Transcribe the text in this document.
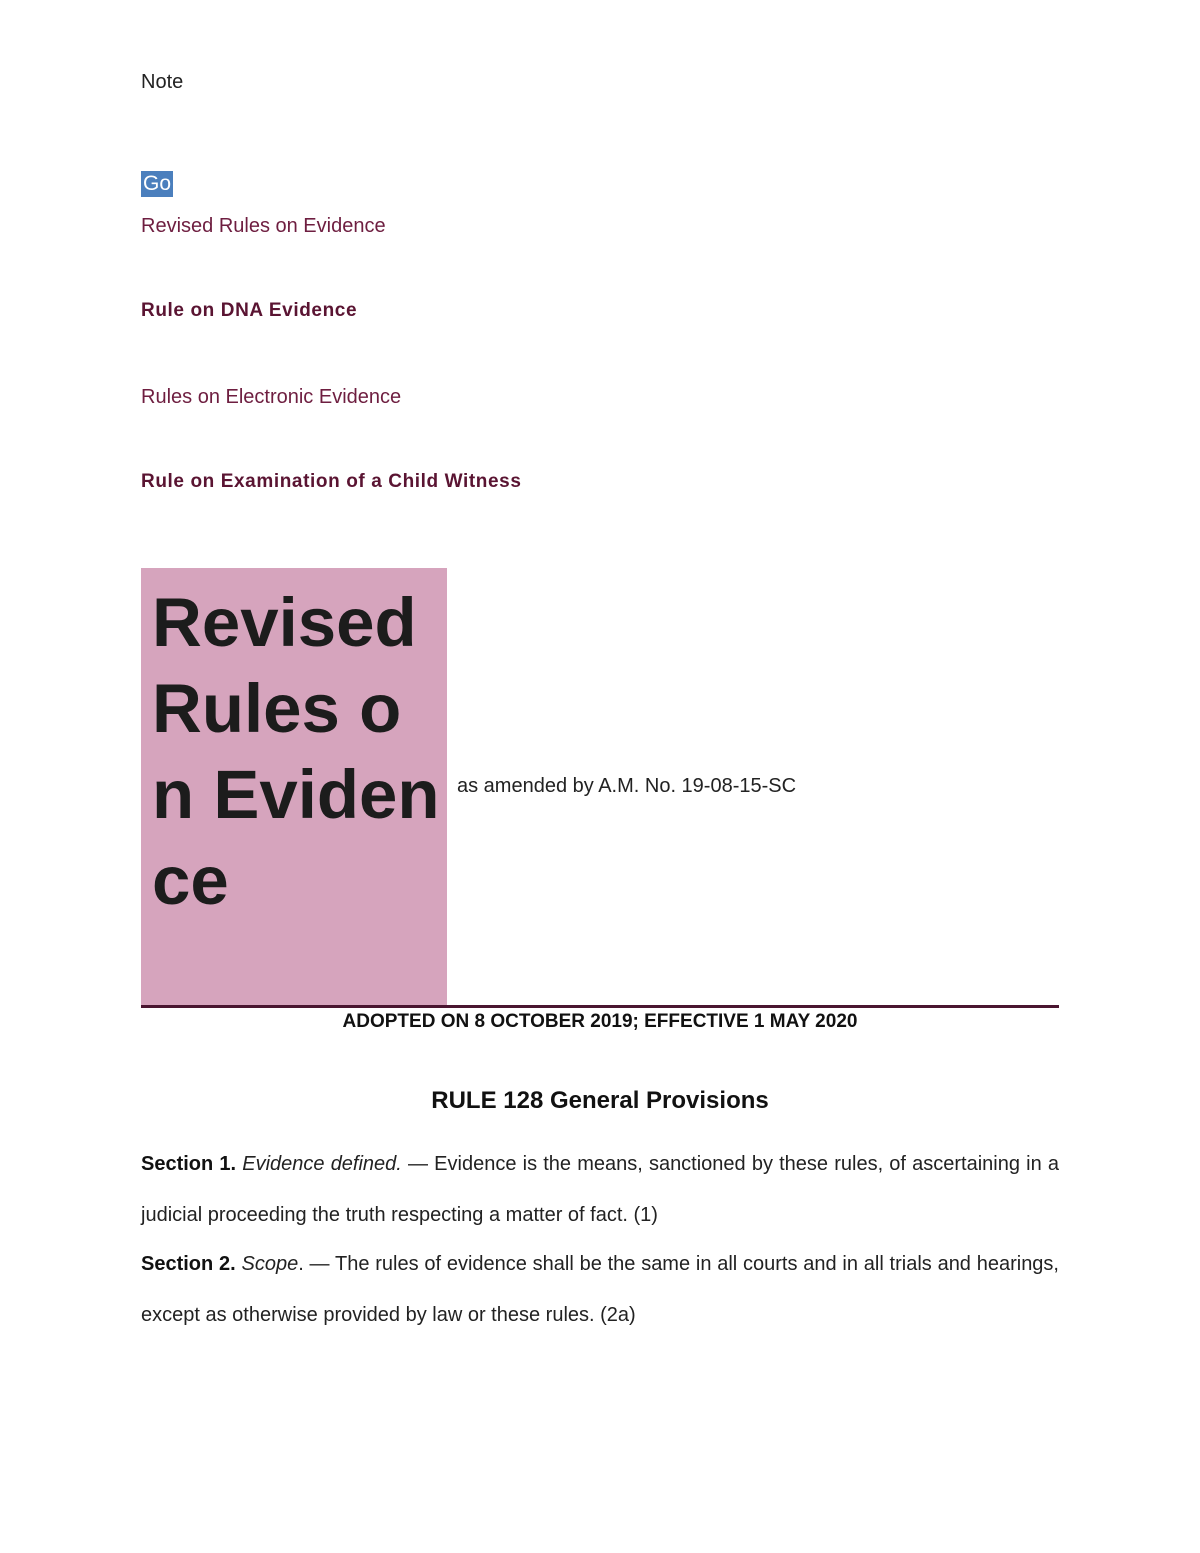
Note
Go
Revised Rules on Evidence
Rule on DNA Evidence
Rules on Electronic Evidence
Rule on Examination of a Child Witness
Revised Rules on Evidence
as amended by A.M. No. 19-08-15-SC
ADOPTED ON 8 OCTOBER 2019; EFFECTIVE 1 MAY 2020
RULE 128 General Provisions
Section 1. Evidence defined. — Evidence is the means, sanctioned by these rules, of ascertaining in a judicial proceeding the truth respecting a matter of fact. (1)
Section 2. Scope. — The rules of evidence shall be the same in all courts and in all trials and hearings, except as otherwise provided by law or these rules. (2a)
